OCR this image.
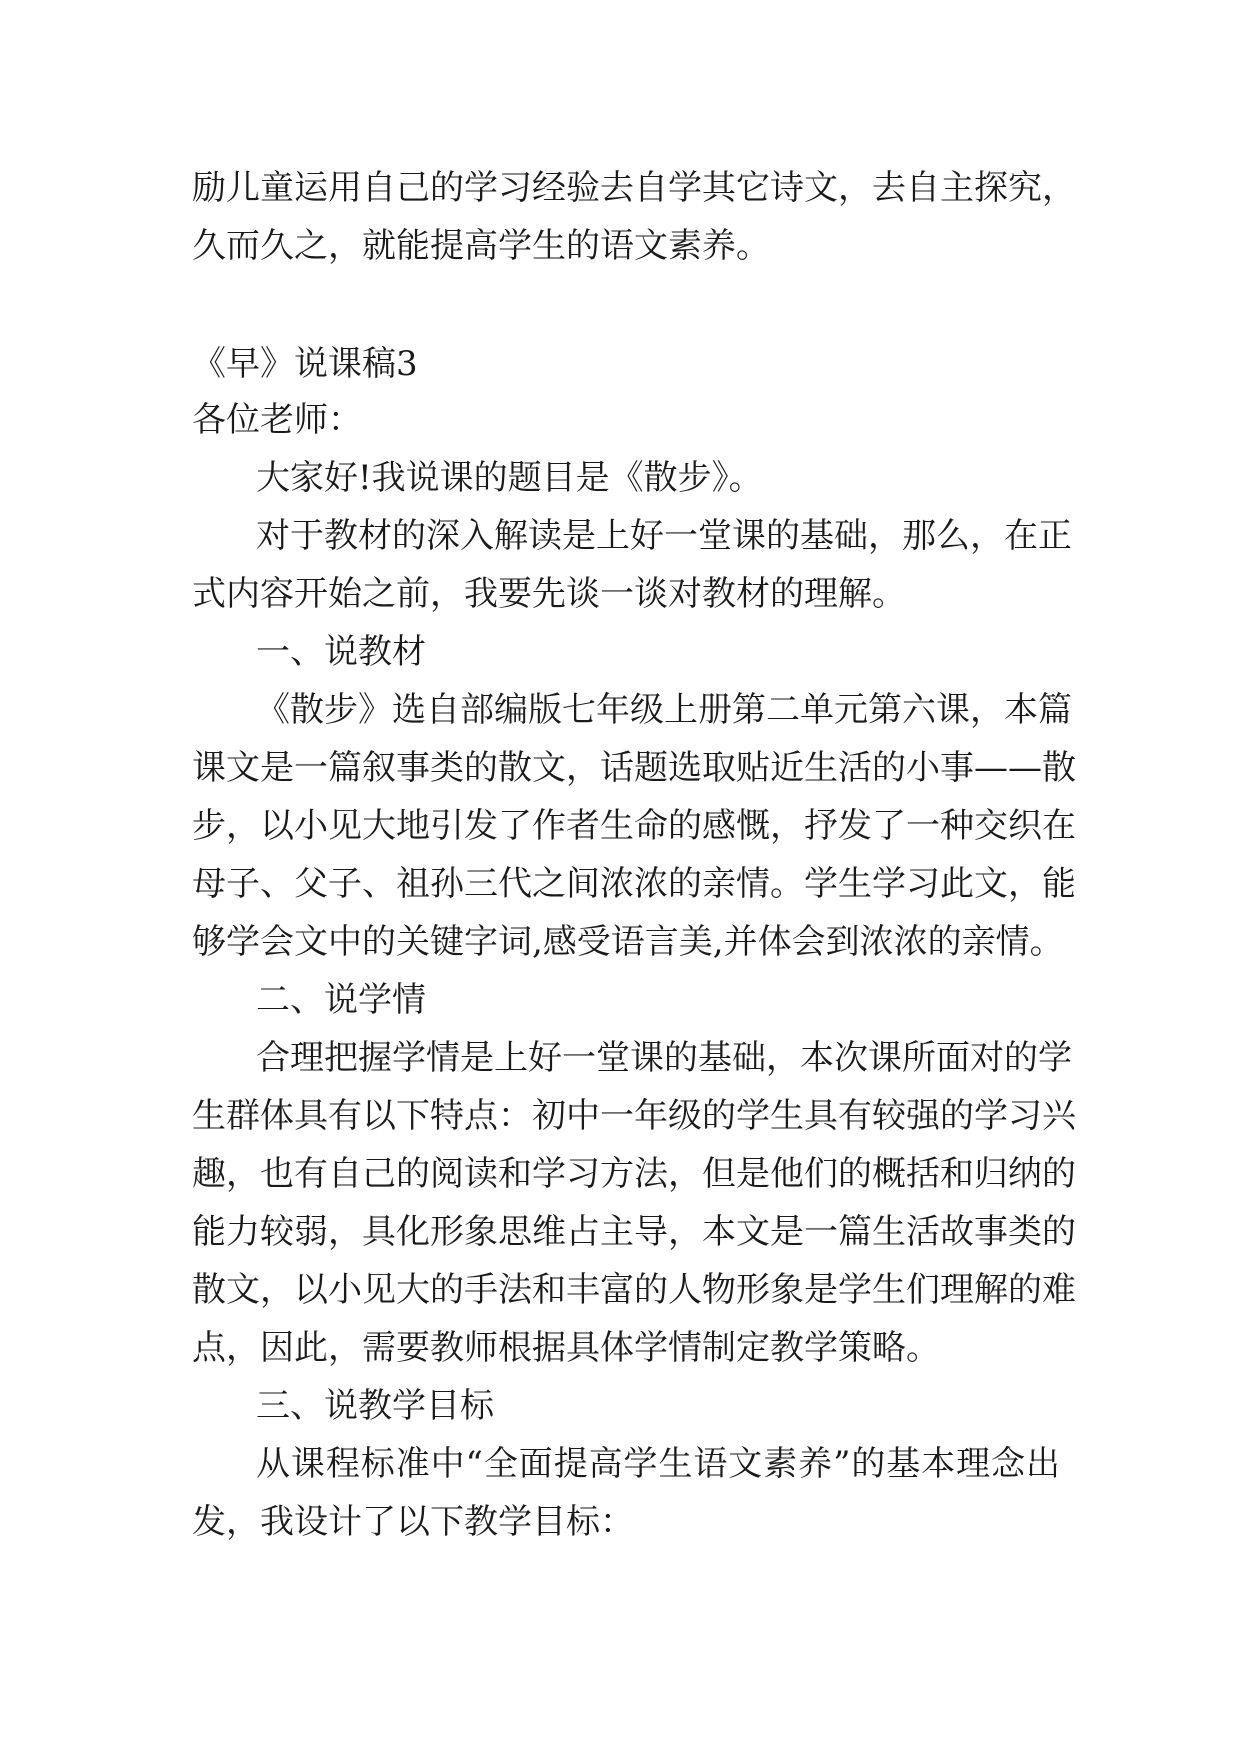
励儿童运用自己的学习经验去自学其它诗文，去自主探究，
久而久之，就能提高学生的语文素养。
《早》说课稿3
各位老师：
大家好!我说课的题目是《散步》。
对于教材的深入解读是上好一堂课的基础，那么，在正
式内容开始之前，我要先谈一谈对教材的理解。
一、说教材
《散步》选自部编版七年级上册第二单元第六课，本篇
课文是一篇叙事类的散文，话题选取贴近生活的小事——散
步，以小见大地引发了作者生命的感慨，抒发了一种交织在
母子、父子、祖孙三代之间浓浓的亲情。学生学习此文，能
够学会文中的关键字词,感受语言美,并体会到浓浓的亲情。
二、说学情
合理把握学情是上好一堂课的基础，本次课所面对的学
生群体具有以下特点：初中一年级的学生具有较强的学习兴
趣，也有自己的阅读和学习方法，但是他们的概括和归纳的
能力较弱，具化形象思维占主导，本文是一篇生活故事类的
散文，以小见大的手法和丰富的人物形象是学生们理解的难
点，因此，需要教师根据具体学情制定教学策略。
三、说教学目标
从课程标准中“全面提高学生语文素养”的基本理念出
发，我设计了以下教学目标：
